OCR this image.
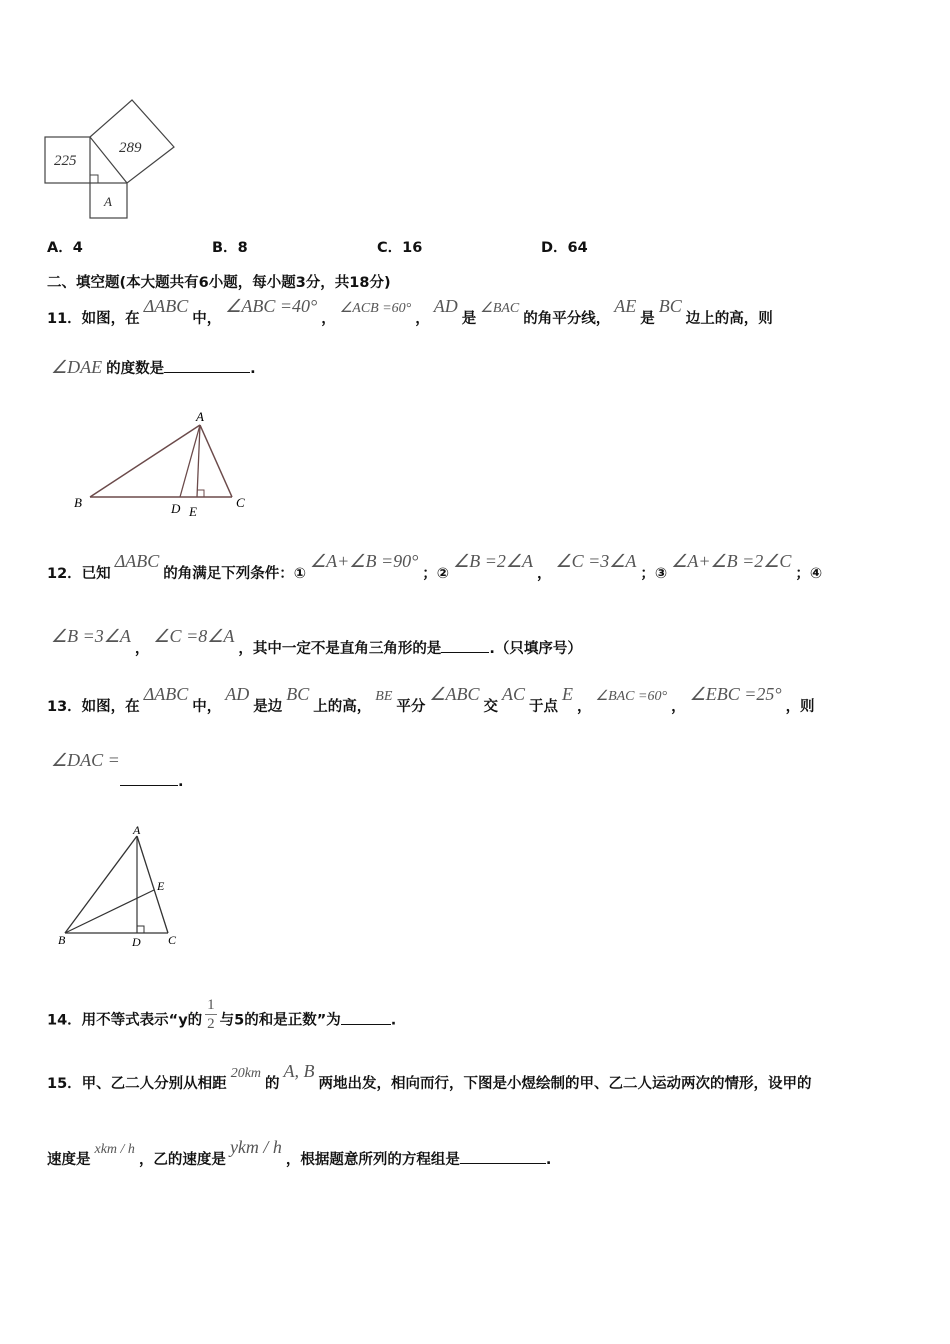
225
289
A
A．4	B．8	C．16	D．64
二、填空题(本大题共有6小题，每小题3分，共18分)
11．如图，在ΔABC中，∠ABC =40°，∠ACB =60°，AD是∠BAC的角平分线，AE是BC边上的高，则
∠DAE 的度数是	.
12．已知ΔABC的角满足下列条件：①∠A+∠B =90°；②∠B =2∠A，∠C =3∠A；③∠A+∠B =2∠C；④
∠B =3∠A，∠C =8∠A，其中一定不是直角三角形的是	.（只填序号）
13．如图，在ΔABC中，AD是边BC上的高，BE平分∠ABC交AC于点E，∠BAC =60°，∠EBC =25°，则
∠DAC =
.
14．用不等式表示“y的 $\frac{1}{2}$ 与5的和是正数”为	.
15．甲、乙二人分别从相距20km的A, B两地出发，相向而行，下图是小煜绘制的甲、乙二人运动两次的情形，设甲的
速度是xkm / h，乙的速度是ykm / h，根据题意所列的方程组是	.
A
B	C
D E
A
B	C
D
E
